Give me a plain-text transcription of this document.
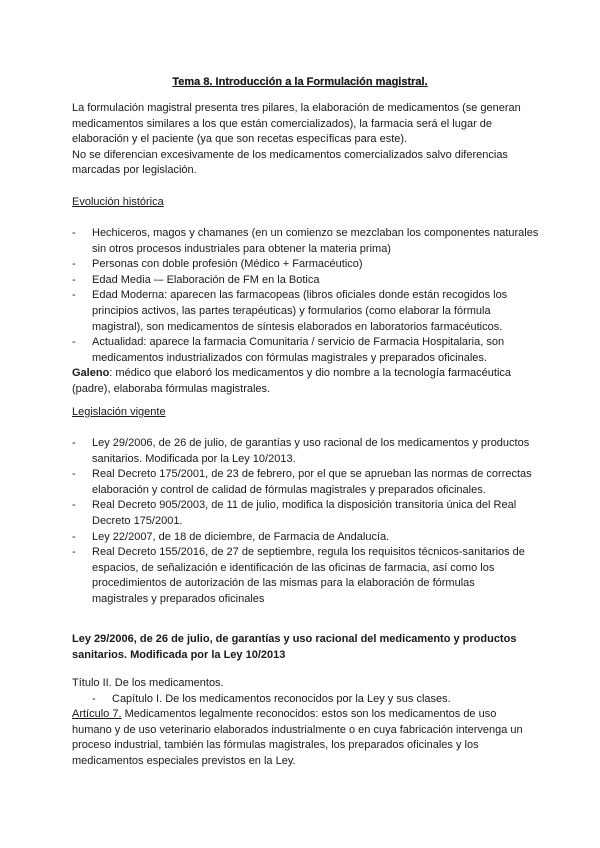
Tema 8. Introducción a la Formulación magistral.

La formulación magistral presenta tres pilares, la elaboración de medicamentos (se generan medicamentos similares a los que están comercializados), la farmacia será el lugar de elaboración y el paciente (ya que son recetas específicas para este).

No se diferencian excesivamente de los medicamentos comercializados salvo diferencias marcadas por legislación.

Evolución histórica

- Hechiceros, magos y chamanes (en un comienzo se mezclaban los componentes naturales sin otros procesos industriales para obtener la materia prima)
- Personas con doble profesión (Médico + Farmacéutico)
- Edad Media -– Elaboración de FM en la Botica
- Edad Moderna: aparecen las farmacopeas (libros oficiales donde están recogidos los principios activos, las partes terapéuticas) y formularios (como elaborar la fórmula magistral), son medicamentos de síntesis elaborados en laboratorios farmacéuticos.
- Actualidad: aparece la farmacia Comunitaria / servicio de Farmacia Hospitalaria, son medicamentos industrializados con fórmulas magistrales y preparados oficinales.

Galeno: médico que elaboró los medicamentos y dio nombre a la tecnología farmacéutica (padre), elaboraba fórmulas magistrales.

Legislación vigente

- Ley 29/2006, de 26 de julio, de garantías y uso racional de los medicamentos y productos sanitarios. Modificada por la Ley 10/2013.
- Real Decreto 175/2001, de 23 de febrero, por el que se aprueban las normas de correctas elaboración y control de calidad de fórmulas magistrales y preparados oficinales.
- Real Decreto 905/2003, de 11 de julio, modifica la disposición transitoria única del Real Decreto 175/2001.
- Ley 22/2007, de 18 de diciembre, de Farmacia de Andalucía.
- Real Decreto 155/2016, de 27 de septiembre, regula los requisitos técnicos-sanitarios de espacios, de señalización e identificación de las oficinas de farmacia, así como los procedimientos de autorización de las mismas para la elaboración de fórmulas magistrales y preparados oficinales

Ley 29/2006, de 26 de julio, de garantías y uso racional del medicamento y productos sanitarios. Modificada por la Ley 10/2013

Título II. De los medicamentos.

- Capítulo I. De los medicamentos reconocidos por la Ley y sus clases.

Artículo 7. Medicamentos legalmente reconocidos: estos son los medicamentos de uso humano y de uso veterinario elaborados industrialmente o en cuya fabricación intervenga un proceso industrial, también las fórmulas magistrales, los preparados oficinales y los medicamentos especiales previstos en la Ley.
